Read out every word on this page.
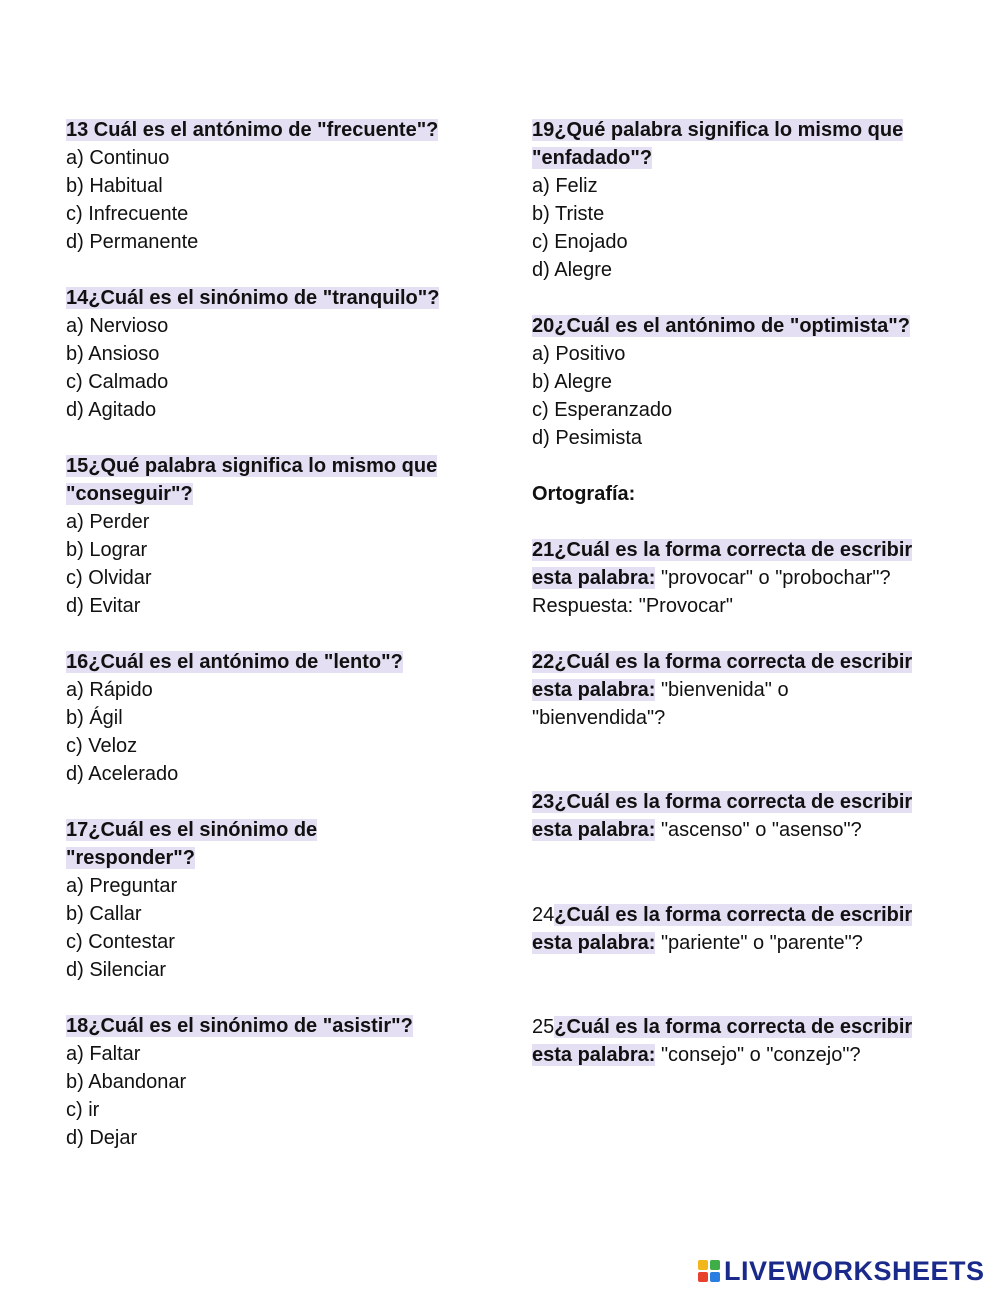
13 Cuál es el antónimo de "frecuente"?
a) Continuo
b) Habitual
c) Infrecuente
d) Permanente
14¿Cuál es el sinónimo de "tranquilo"?
a) Nervioso
b) Ansioso
c) Calmado
d) Agitado
15¿Qué palabra significa lo mismo que
"conseguir"?
a) Perder
b) Lograr
c) Olvidar
d) Evitar
16¿Cuál es el antónimo de "lento"?
a) Rápido
b) Ágil
c) Veloz
d) Acelerado
17¿Cuál es el sinónimo de
"responder"?
a) Preguntar
b) Callar
c) Contestar
d) Silenciar
18¿Cuál es el sinónimo de "asistir"?
a) Faltar
b) Abandonar
c) ir
d) Dejar
19¿Qué palabra significa lo mismo que
"enfadado"?
a) Feliz
b) Triste
c) Enojado
d) Alegre
20¿Cuál es el antónimo de "optimista"?
a) Positivo
b) Alegre
c) Esperanzado
d) Pesimista
Ortografía:
21¿Cuál es la forma correcta de escribir
esta palabra: "provocar" o "probochar"?
Respuesta: "Provocar"
22¿Cuál es la forma correcta de escribir
esta palabra: "bienvenida" o
"bienvendida"?
23¿Cuál es la forma correcta de escribir
esta palabra: "ascenso" o "asenso"?
24¿Cuál es la forma correcta de escribir
esta palabra: "pariente" o "parente"?
25¿Cuál es la forma correcta de escribir
esta palabra: "consejo" o "conzejo"?
LIVEWORKSHEETS
